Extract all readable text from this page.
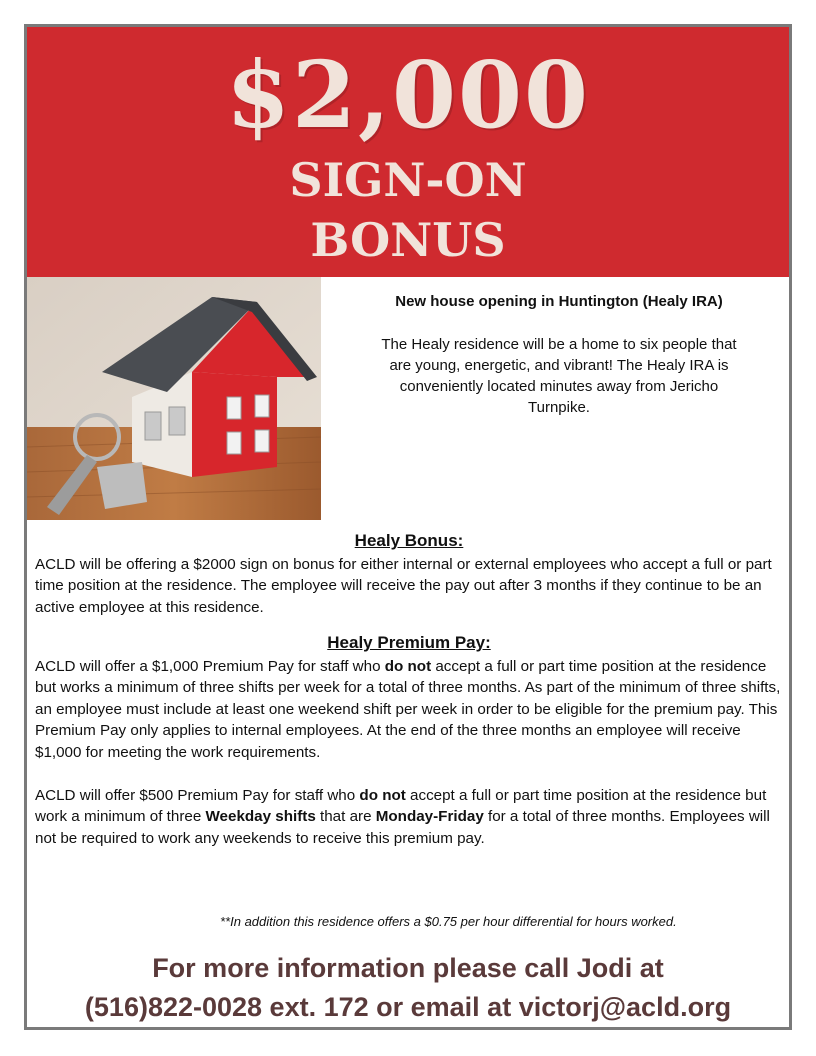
$2,000
SIGN-ON
BONUS
New house opening in Huntington (Healy IRA)
The Healy residence will be a home to six people that are young, energetic, and vibrant! The Healy IRA is conveniently located minutes away from Jericho Turnpike.
Healy Bonus:

ACLD will be offering a $2000 sign on bonus for either internal or external employees who accept a full or part time position at the residence. The employee will receive the pay out after 3 months if they continue to be an active employee at this residence.

Healy Premium Pay:

ACLD will offer a $1,000 Premium Pay for staff who do not accept a full or part time position at the residence but works a minimum of three shifts per week for a total of three months. As part of the minimum of three shifts, an employee must include at least one weekend shift per week in order to be eligible for the premium pay. This Premium Pay only applies to internal employees. At the end of the three months an employee will receive $1,000 for meeting the work requirements.

ACLD will offer $500 Premium Pay for staff who do not accept a full or part time position at the residence but work a minimum of three Weekday shifts that are Monday-Friday for a total of three months. Employees will not be required to work any weekends to receive this premium pay.

**In addition this residence offers a $0.75 per hour differential for hours worked.
For more information please call Jodi at
(516)822-0028 ext. 172 or email at victorj@acld.org
